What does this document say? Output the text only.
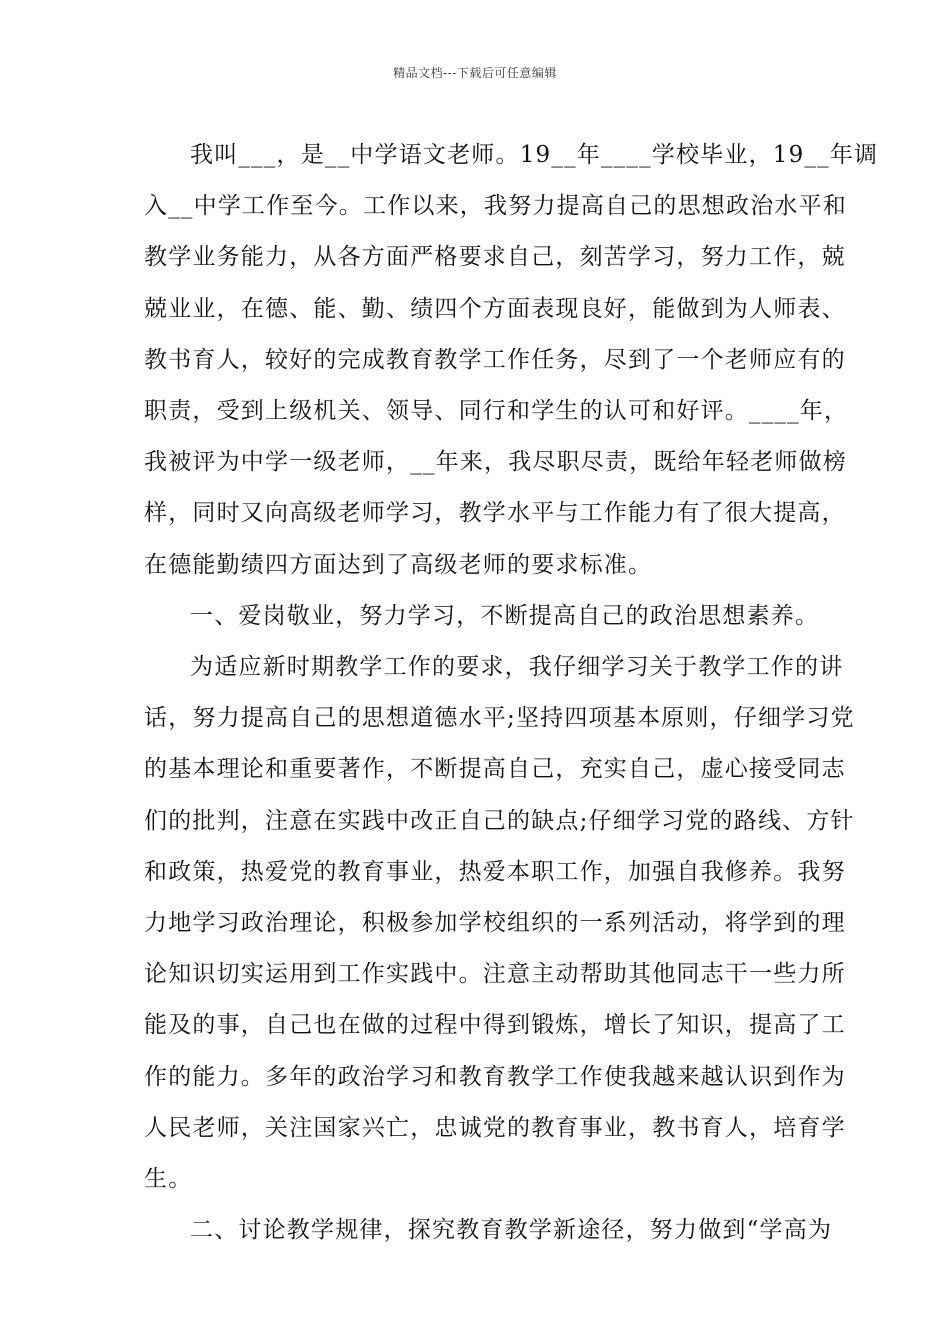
精品文档---下载后可任意编辑

我叫___，是__中学语文老师。19__年____学校毕业，19__年调
入__中学工作至今。工作以来，我努力提高自己的思想政治水平和
教学业务能力，从各方面严格要求自己，刻苦学习，努力工作，兢
兢业业，在德、能、勤、绩四个方面表现良好，能做到为人师表、
教书育人，较好的完成教育教学工作任务，尽到了一个老师应有的
职责，受到上级机关、领导、同行和学生的认可和好评。____年，
我被评为中学一级老师，__年来，我尽职尽责，既给年轻老师做榜
样，同时又向高级老师学习，教学水平与工作能力有了很大提高，
在德能勤绩四方面达到了高级老师的要求标准。

一、爱岗敬业，努力学习，不断提高自己的政治思想素养。

为适应新时期教学工作的要求，我仔细学习关于教学工作的讲
话，努力提高自己的思想道德水平;坚持四项基本原则，仔细学习党
的基本理论和重要著作，不断提高自己，充实自己，虚心接受同志
们的批判，注意在实践中改正自己的缺点;仔细学习党的路线、方针
和政策，热爱党的教育事业，热爱本职工作，加强自我修养。我努
力地学习政治理论，积极参加学校组织的一系列活动，将学到的理
论知识切实运用到工作实践中。注意主动帮助其他同志干一些力所
能及的事，自己也在做的过程中得到锻炼，增长了知识，提高了工
作的能力。多年的政治学习和教育教学工作使我越来越认识到作为
人民老师，关注国家兴亡，忠诚党的教育事业，教书育人，培育学
生。

二、讨论教学规律，探究教育教学新途径，努力做到“学高为
